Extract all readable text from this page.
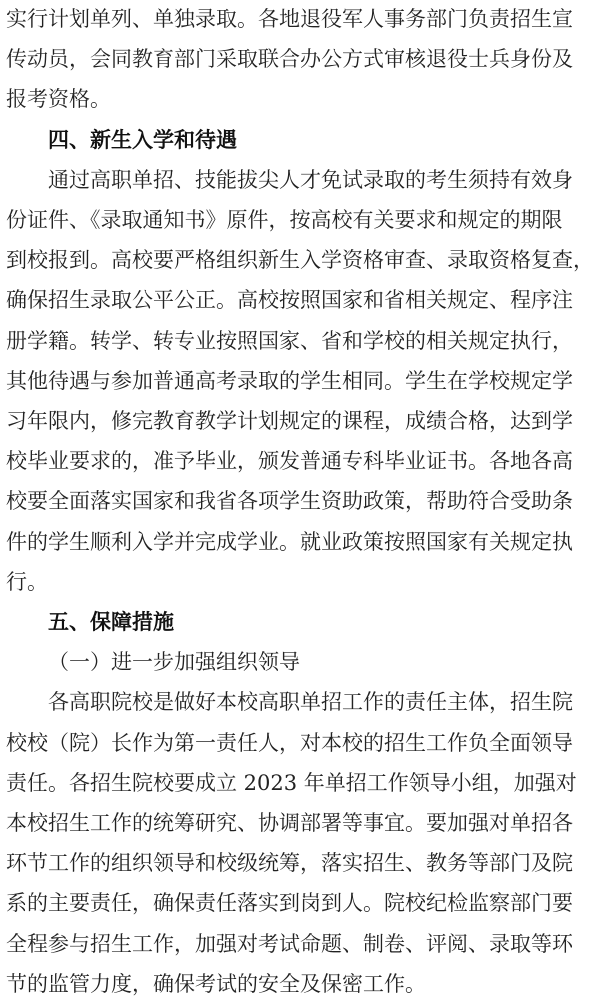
实行计划单列、单独录取。各地退役军人事务部门负责招生宣
传动员，会同教育部门采取联合办公方式审核退役士兵身份及
报考资格。
四、新生入学和待遇
通过高职单招、技能拔尖人才免试录取的考生须持有效身
份证件、《录取通知书》原件，按高校有关要求和规定的期限
到校报到。高校要严格组织新生入学资格审查、录取资格复查，
确保招生录取公平公正。高校按照国家和省相关规定、程序注
册学籍。转学、转专业按照国家、省和学校的相关规定执行，
其他待遇与参加普通高考录取的学生相同。学生在学校规定学
习年限内，修完教育教学计划规定的课程，成绩合格，达到学
校毕业要求的，准予毕业，颁发普通专科毕业证书。各地各高
校要全面落实国家和我省各项学生资助政策，帮助符合受助条
件的学生顺利入学并完成学业。就业政策按照国家有关规定执
行。
五、保障措施
（一）进一步加强组织领导
各高职院校是做好本校高职单招工作的责任主体，招生院
校校（院）长作为第一责任人，对本校的招生工作负全面领导
责任。各招生院校要成立 2023 年单招工作领导小组，加强对
本校招生工作的统筹研究、协调部署等事宜。要加强对单招各
环节工作的组织领导和校级统筹，落实招生、教务等部门及院
系的主要责任，确保责任落实到岗到人。院校纪检监察部门要
全程参与招生工作，加强对考试命题、制卷、评阅、录取等环
节的监管力度，确保考试的安全及保密工作。
